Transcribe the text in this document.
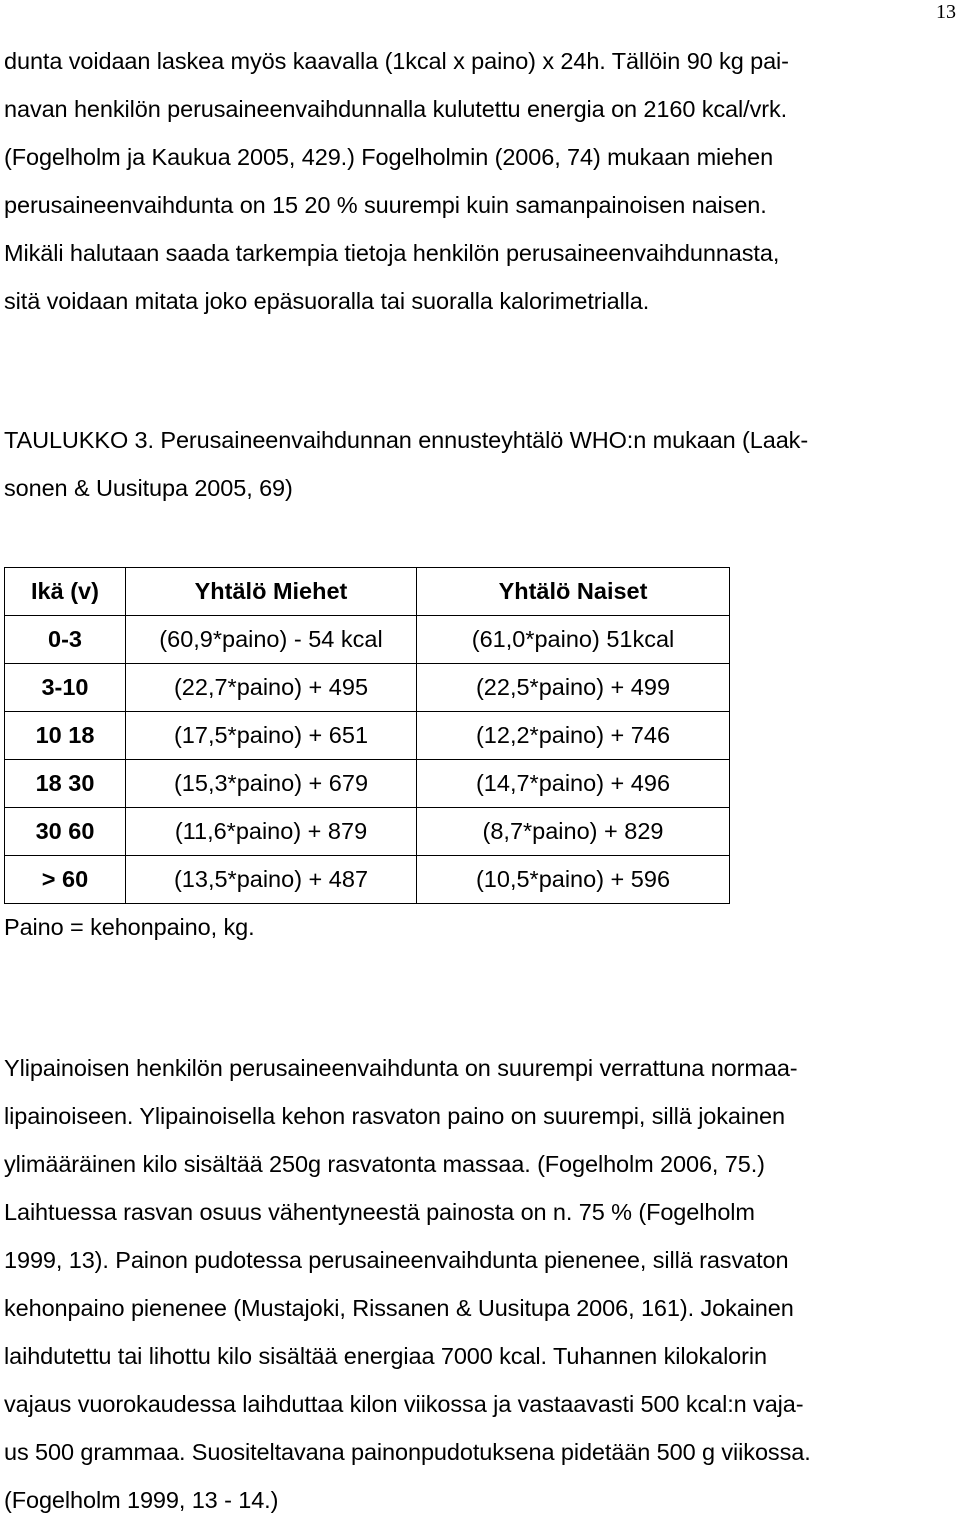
13
dunta voidaan laskea myös kaavalla (1kcal x paino) x 24h. Tällöin 90 kg pai-
navan henkilön perusaineenvaihdunnalla kulutettu energia on 2160 kcal/vrk.
(Fogelholm ja Kaukua 2005, 429.) Fogelholmin (2006, 74) mukaan miehen
perusaineenvaihdunta on 15 20 % suurempi kuin samanpainoisen naisen.
Mikäli halutaan saada tarkempia tietoja henkilön perusaineenvaihdunnasta,
sitä voidaan mitata joko epäsuoralla tai suoralla kalorimetrialla.
TAULUKKO 3. Perusaineenvaihdunnan ennusteyhtälö WHO:n mukaan (Laak-
sonen & Uusitupa 2005, 69)
Ikä (v)	Yhtälö Miehet	Yhtälö Naiset
0-3	(60,9*paino) - 54 kcal	(61,0*paino) 51kcal
3-10	(22,7*paino) + 495	(22,5*paino) + 499
10 18	(17,5*paino) + 651	(12,2*paino) + 746
18 30	(15,3*paino) + 679	(14,7*paino) + 496
30 60	(11,6*paino) + 879	(8,7*paino) + 829
> 60	(13,5*paino) + 487	(10,5*paino) + 596
Paino = kehonpaino, kg.
Ylipainoisen henkilön perusaineenvaihdunta on suurempi verrattuna normaa-
lipainoiseen. Ylipainoisella kehon rasvaton paino on suurempi, sillä jokainen
ylimääräinen kilo sisältää 250g rasvatonta massaa. (Fogelholm 2006, 75.)
Laihtuessa rasvan osuus vähentyneestä painosta on n. 75 % (Fogelholm
1999, 13). Painon pudotessa perusaineenvaihdunta pienenee, sillä rasvaton
kehonpaino pienenee (Mustajoki, Rissanen & Uusitupa 2006, 161). Jokainen
laihdutettu tai lihottu kilo sisältää energiaa 7000 kcal. Tuhannen kilokalorin
vajaus vuorokaudessa laihduttaa kilon viikossa ja vastaavasti 500 kcal:n vaja-
us 500 grammaa. Suositeltavana painonpudotuksena pidetään 500 g viikossa.
(Fogelholm 1999, 13 - 14.)
